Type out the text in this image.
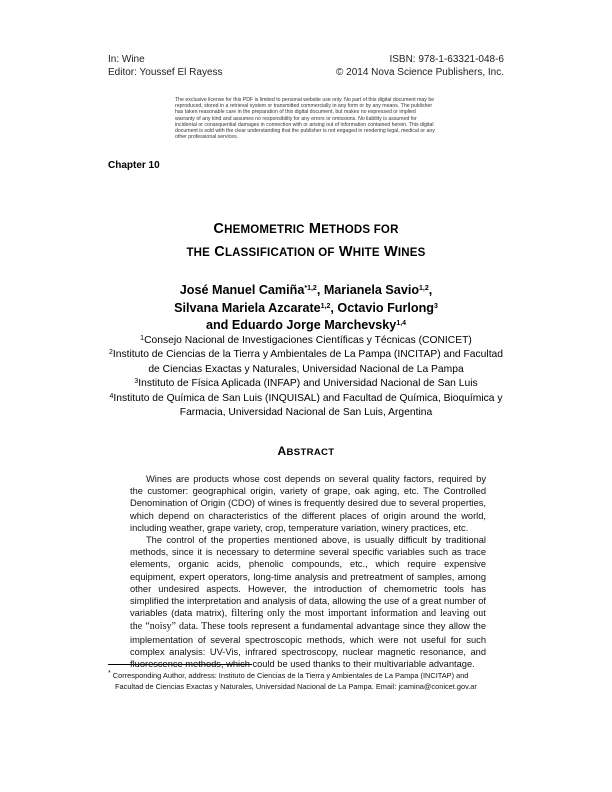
In: Wine
Editor: Youssef El Rayess
ISBN: 978-1-63321-048-6
© 2014 Nova Science Publishers, Inc.
The exclusive license for this PDF is limited to personal website use only. No part of this digital document may be reproduced, stored in a retrieval system or transmitted commercially in any form or by any means. The publisher has taken reasonable care in the preparation of this digital document, but makes no expressed or implied warranty of any kind and assumes no responsibility for any errors or omissions. No liability is assumed for incidental or consequential damages in connection with or arising out of information contained herein. This digital document is sold with the clear understanding that the publisher is not engaged in rendering legal, medical or any other professional services.
Chapter 10
CHEMOMETRIC METHODS FOR
THE CLASSIFICATION OF WHITE WINES
José Manuel Camiña$^{*1,2}$, Marianela Savio$^{1,2}$,
Silvana Mariela Azcarate$^{1,2}$, Octavio Furlong$^3$
and Eduardo Jorge Marchevsky$^{1,4}$
$^1$Consejo Nacional de Investigaciones Científicas y Técnicas (CONICET)
$^2$Instituto de Ciencias de la Tierra y Ambientales de La Pampa (INCITAP) and Facultad de Ciencias Exactas y Naturales, Universidad Nacional de La Pampa
$^3$Instituto de Física Aplicada (INFAP) and Universidad Nacional de San Luis
$^4$Instituto de Química de San Luis (INQUISAL) and Facultad de Química, Bioquímica y Farmacia, Universidad Nacional de San Luis, Argentina
ABSTRACT

Wines are products whose cost depends on several quality factors, required by the customer: geographical origin, variety of grape, oak aging, etc. The Controlled Denomination of Origin (CDO) of wines is frequently desired due to several properties, which depend on characteristics of the different places of origin around the world, including weather, grape variety, crop, temperature variation, winery practices, etc.

The control of the properties mentioned above, is usually difficult by traditional methods, since it is necessary to determine several specific variables such as trace elements, organic acids, phenolic compounds, etc., which require expensive equipment, expert operators, long-time analysis and pretreatment of samples, among other undesired aspects. However, the introduction of chemometric tools has simplified the interpretation and analysis of data, allowing the use of a great number of variables (data matrix), filtering only the most important information and leaving out the “noisy” data. These tools represent a fundamental advantage since they allow the implementation of several spectroscopic methods, which were not useful for such complex analysis: UV-Vis, infrared spectroscopy, nuclear magnetic resonance, and fluorescence methods, which could be used thanks to their multivariable advantage.

* Corresponding Author, address: Instituto de Ciencias de la Tierra y Ambientales de La Pampa (INCITAP) and
Facultad de Ciencias Exactas y Naturales, Universidad Nacional de La Pampa. Email: jcamina@conicet.gov.ar
